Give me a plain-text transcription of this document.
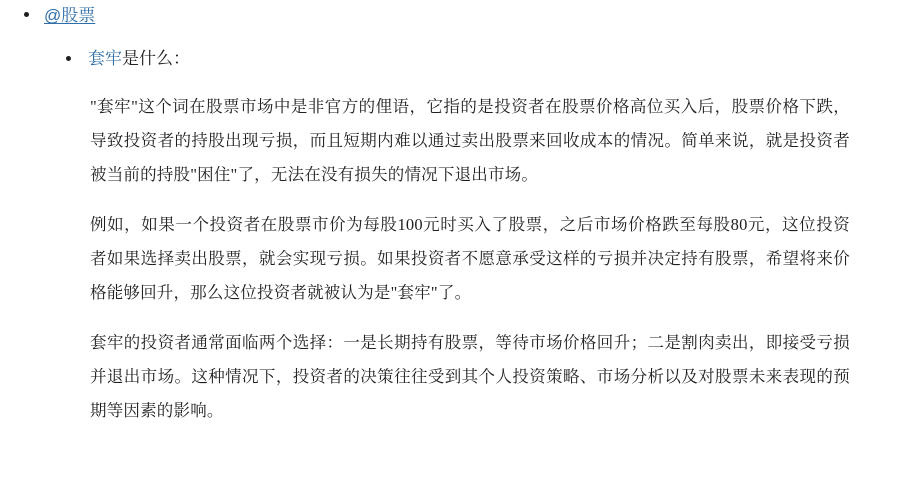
@股票
套牢是什么：

"套牢"这个词在股票市场中是非官方的俚语，它指的是投资者在股票价格高位买入后，股票价格下跌，导致投资者的持股出现亏损，而且短期内难以通过卖出股票来回收成本的情况。简单来说，就是投资者被当前的持股"困住"了，无法在没有损失的情况下退出市场。

例如，如果一个投资者在股票市价为每股100元时买入了股票，之后市场价格跌至每股80元，这位投资者如果选择卖出股票，就会实现亏损。如果投资者不愿意承受这样的亏损并决定持有股票，希望将来价格能够回升，那么这位投资者就被认为是"套牢"了。

套牢的投资者通常面临两个选择：一是长期持有股票，等待市场价格回升；二是割肉卖出，即接受亏损并退出市场。这种情况下，投资者的决策往往受到其个人投资策略、市场分析以及对股票未来表现的预期等因素的影响。
